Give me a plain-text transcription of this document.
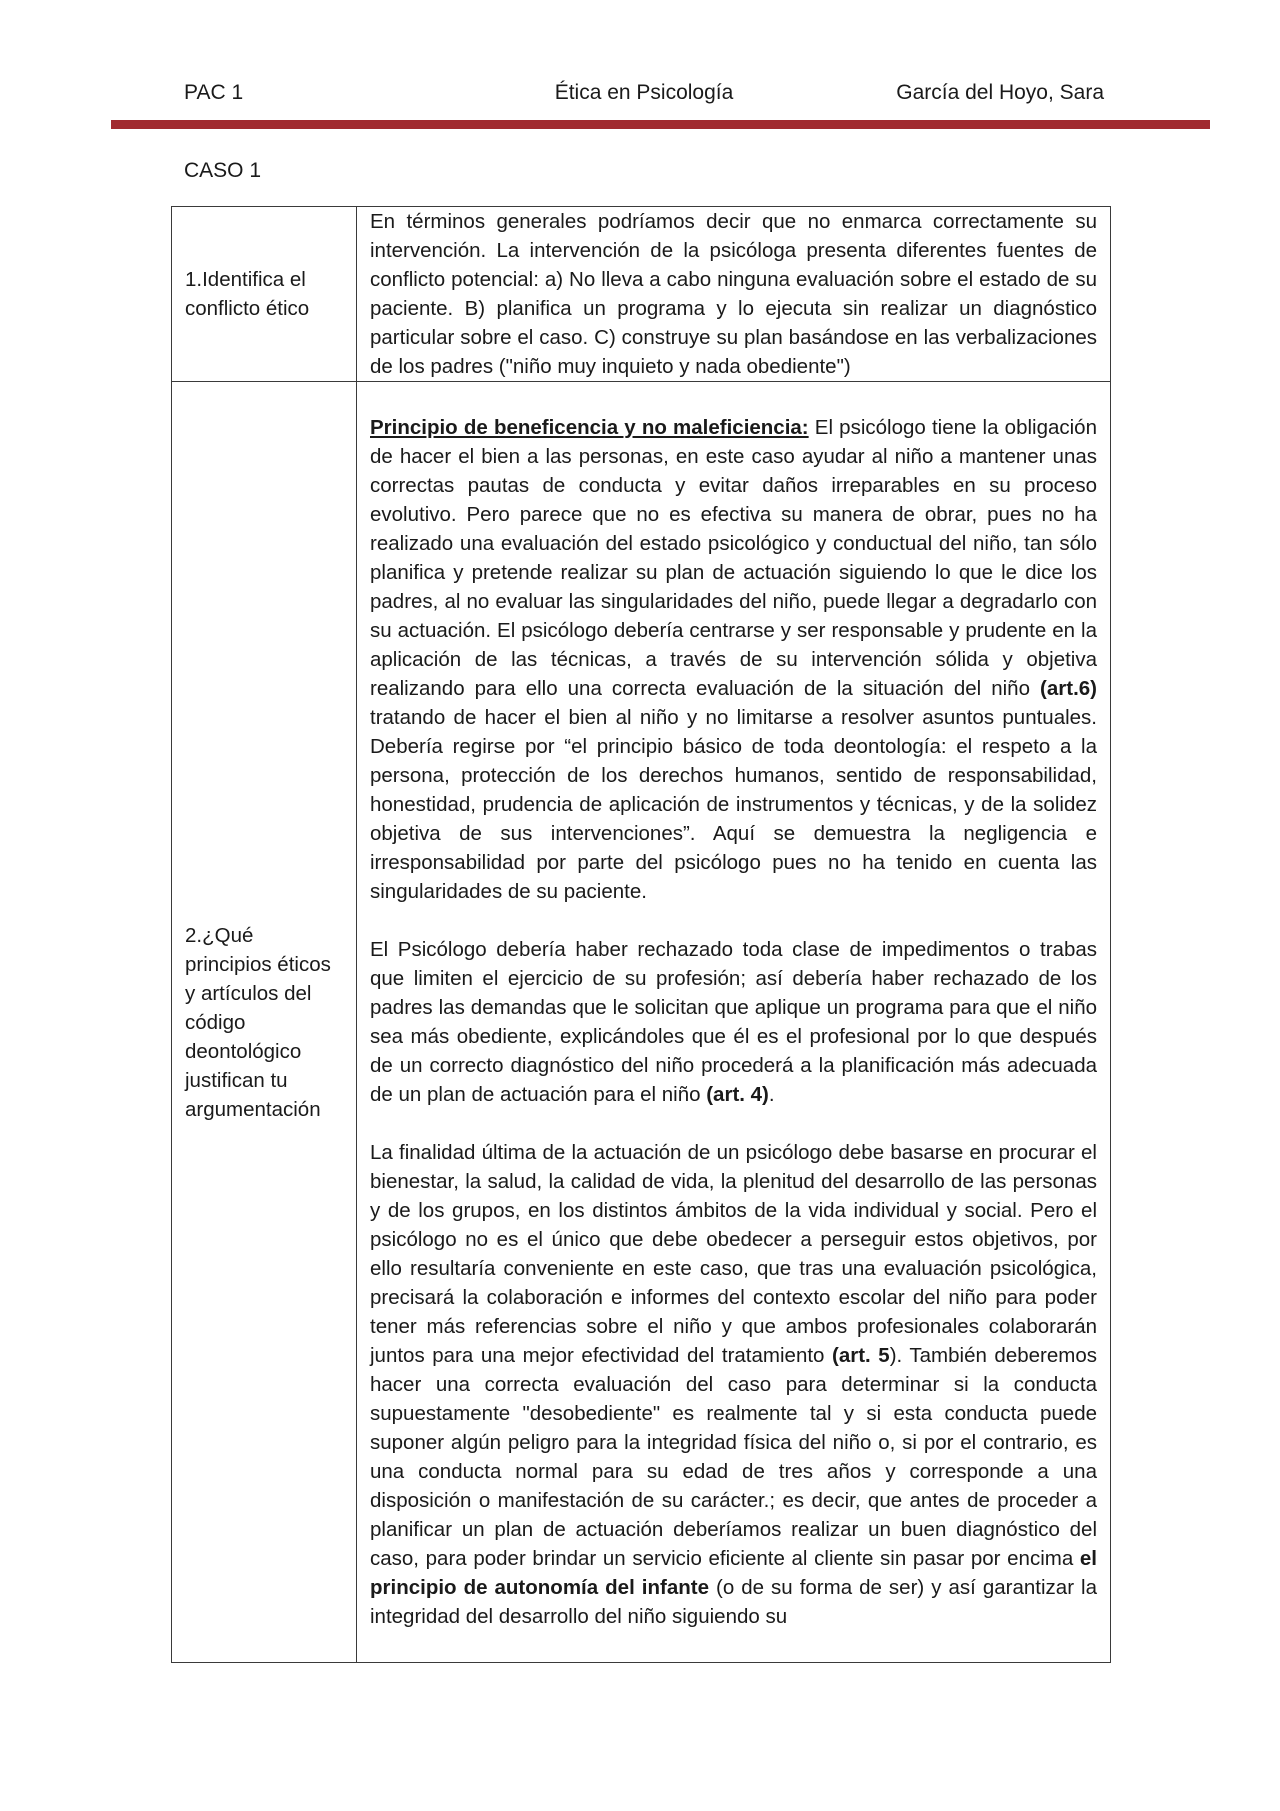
PAC 1	Ética en Psicología	García del Hoyo, Sara
CASO 1
1.Identifica el conflicto ético	En términos generales podríamos decir que no enmarca correctamente su intervención. La intervención de la psicóloga presenta diferentes fuentes de conflicto potencial: a) No lleva a cabo ninguna evaluación sobre el estado de su paciente. B) planifica un programa y lo ejecuta sin realizar un diagnóstico particular sobre el caso. C) construye su plan basándose en las verbalizaciones de los padres ("niño muy inquieto y nada obediente")

2.¿Qué principios éticos y artículos del código deontológico justifican tu argumentación	Principio de beneficencia y no maleficiencia: El psicólogo tiene la obligación de hacer el bien a las personas, en este caso ayudar al niño a mantener unas correctas pautas de conducta y evitar daños irreparables en su proceso evolutivo. Pero parece que no es efectiva su manera de obrar, pues no ha realizado una evaluación del estado psicológico y conductual del niño, tan sólo planifica y pretende realizar su plan de actuación siguiendo lo que le dice los padres, al no evaluar las singularidades del niño, puede llegar a degradarlo con su actuación. El psicólogo debería centrarse y ser responsable y prudente en la aplicación de las técnicas, a través de su intervención sólida y objetiva realizando para ello una correcta evaluación de la situación del niño (art.6) tratando de hacer el bien al niño y no limitarse a resolver asuntos puntuales. Debería regirse por “el principio básico de toda deontología: el respeto a la persona, protección de los derechos humanos, sentido de responsabilidad, honestidad, prudencia de aplicación de instrumentos y técnicas, y de la solidez objetiva de sus intervenciones”. Aquí se demuestra la negligencia e irresponsabilidad por parte del psicólogo pues no ha tenido en cuenta las singularidades de su paciente.

El Psicólogo debería haber rechazado toda clase de impedimentos o trabas que limiten el ejercicio de su profesión; así debería haber rechazado de los padres las demandas que le solicitan que aplique un programa para que el niño sea más obediente, explicándoles que él es el profesional por lo que después de un correcto diagnóstico del niño procederá a la planificación más adecuada de un plan de actuación para el niño (art. 4).

La finalidad última de la actuación de un psicólogo debe basarse en procurar el bienestar, la salud, la calidad de vida, la plenitud del desarrollo de las personas y de los grupos, en los distintos ámbitos de la vida individual y social. Pero el psicólogo no es el único que debe obedecer a perseguir estos objetivos, por ello resultaría conveniente en este caso, que tras una evaluación psicológica, precisará la colaboración e informes del contexto escolar del niño para poder tener más referencias sobre el niño y que ambos profesionales colaborarán juntos para una mejor efectividad del tratamiento (art. 5). También deberemos hacer una correcta evaluación del caso para determinar si la conducta supuestamente "desobediente" es realmente tal y si esta conducta puede suponer algún peligro para la integridad física del niño o, si por el contrario, es una conducta normal para su edad de tres años y corresponde a una disposición o manifestación de su carácter.; es decir, que antes de proceder a planificar un plan de actuación deberíamos realizar un buen diagnóstico del caso, para poder brindar un servicio eficiente al cliente sin pasar por encima el principio de autonomía del infante (o de su forma de ser) y así garantizar la integridad del desarrollo del niño siguiendo su
